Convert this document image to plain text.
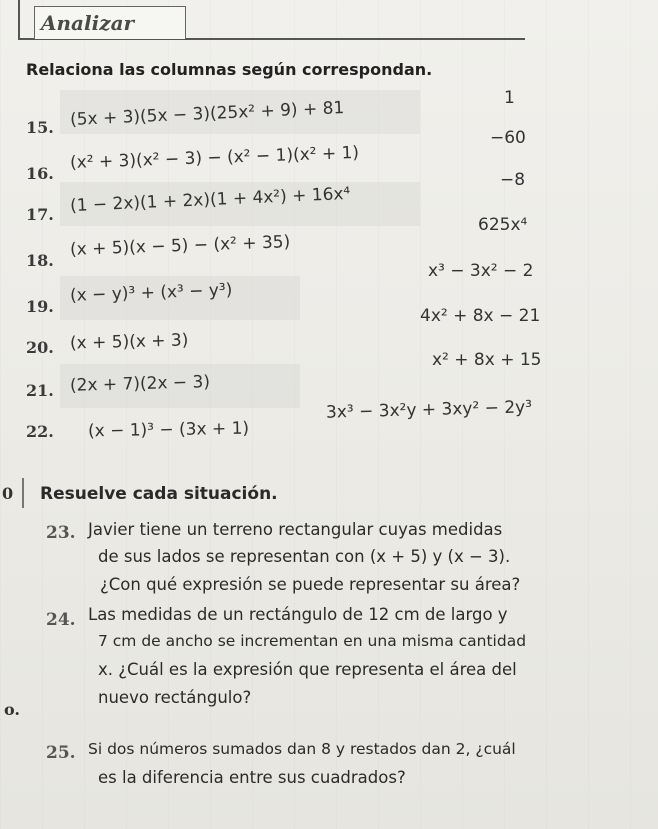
Analizar
Relaciona las columnas según correspondan.
15.
16.
17.
18.
19.
20.
21.
22.
(5x + 3)(5x − 3)(25x² + 9) + 81
(x² + 3)(x² − 3) − (x² − 1)(x² + 1)
(1 − 2x)(1 + 2x)(1 + 4x²) + 16x⁴
(x + 5)(x − 5) − (x² + 35)
(x − y)³ + (x³ − y³)
(x + 5)(x + 3)
(2x + 7)(2x − 3)
(x − 1)³ − (3x + 1)
1
−60
−8
625x⁴
x³ − 3x² − 2
4x² + 8x − 21
x² + 8x + 15
3x³ − 3x²y + 3xy² − 2y³
0
o.
Resuelve cada situación.
23. Javier tiene un terreno rectangular cuyas medidas
de sus lados se representan con (x + 5) y (x − 3).
¿Con qué expresión se puede representar su área?
24. Las medidas de un rectángulo de 12 cm de largo y
7 cm de ancho se incrementan en una misma cantidad
x. ¿Cuál es la expresión que representa el área del
nuevo rectángulo?
25. Si dos números sumados dan 8 y restados dan 2, ¿cuál
es la diferencia entre sus cuadrados?
